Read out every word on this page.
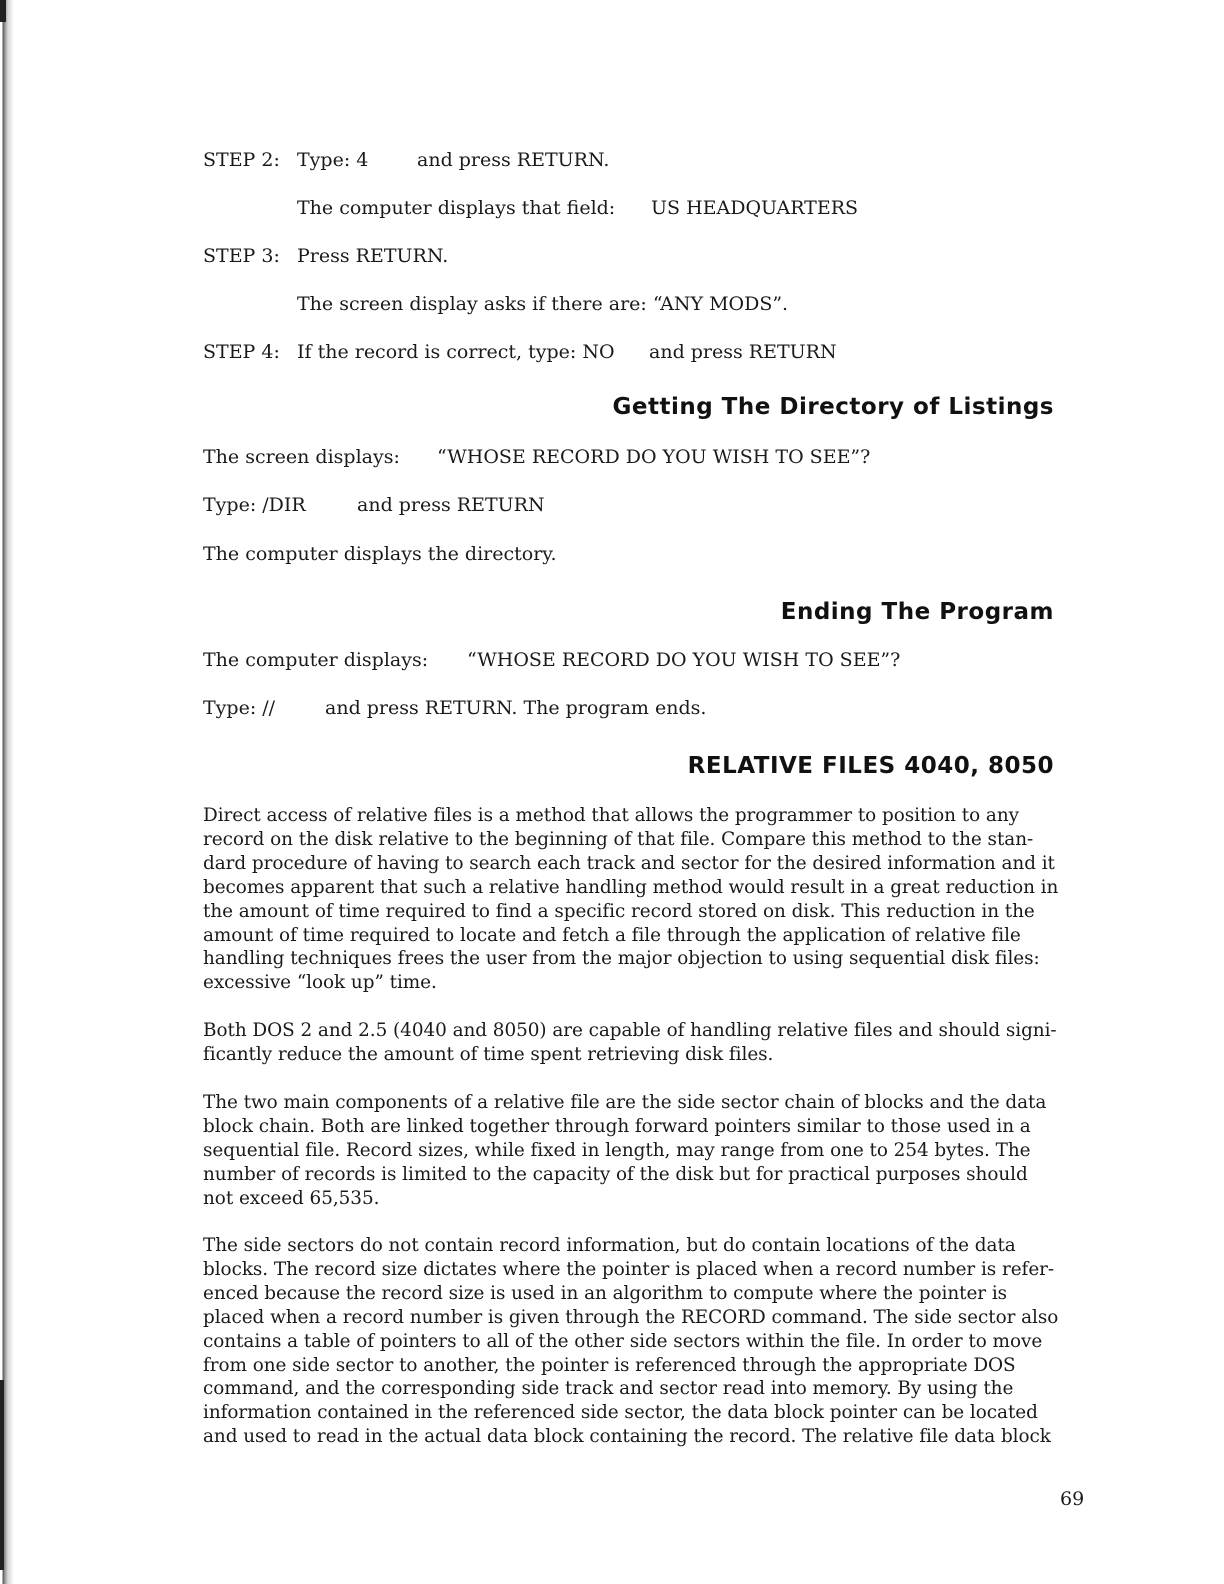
STEP 2: Type: 4	and press RETURN.
The computer displays that field: US HEADQUARTERS
STEP 3: Press RETURN.
The screen display asks if there are: “ANY MODS”.
STEP 4: If the record is correct, type: NO and press RETURN
Getting The Directory of Listings
The screen displays: “WHOSE RECORD DO YOU WISH TO SEE”?
Type: /DIR	and press RETURN
The computer displays the directory.
Ending The Program
The computer displays: “WHOSE RECORD DO YOU WISH TO SEE”?
Type: //	and press RETURN. The program ends.
RELATIVE FILES 4040, 8050
Direct access of relative files is a method that allows the programmer to position to any
record on the disk relative to the beginning of that file. Compare this method to the stan-
dard procedure of having to search each track and sector for the desired information and it
becomes apparent that such a relative handling method would result in a great reduction in
the amount of time required to find a specific record stored on disk. This reduction in the
amount of time required to locate and fetch a file through the application of relative file
handling techniques frees the user from the major objection to using sequential disk files:
excessive “look up” time.
Both DOS 2 and 2.5 (4040 and 8050) are capable of handling relative files and should signi-
ficantly reduce the amount of time spent retrieving disk files.
The two main components of a relative file are the side sector chain of blocks and the data
block chain. Both are linked together through forward pointers similar to those used in a
sequential file. Record sizes, while fixed in length, may range from one to 254 bytes. The
number of records is limited to the capacity of the disk but for practical purposes should
not exceed 65,535.
The side sectors do not contain record information, but do contain locations of the data
blocks. The record size dictates where the pointer is placed when a record number is refer-
enced because the record size is used in an algorithm to compute where the pointer is
placed when a record number is given through the RECORD command. The side sector also
contains a table of pointers to all of the other side sectors within the file. In order to move
from one side sector to another, the pointer is referenced through the appropriate DOS
command, and the corresponding side track and sector read into memory. By using the
information contained in the referenced side sector, the data block pointer can be located
and used to read in the actual data block containing the record. The relative file data block
69
